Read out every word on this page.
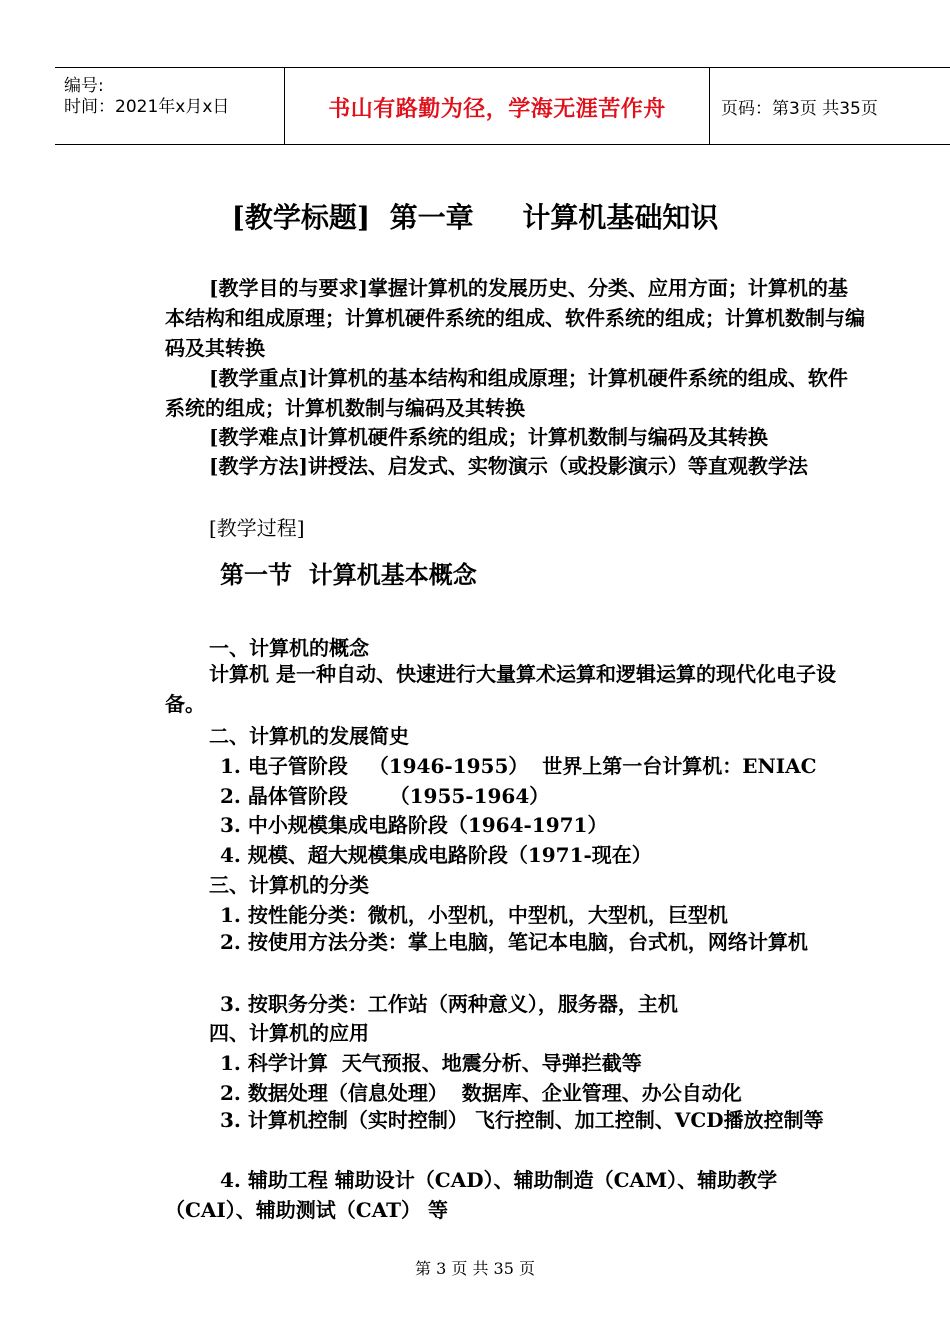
编号:
时间：2021年x月x日	书山有路勤为径，学海无涯苦作舟	页码：第3页 共35页
[教学标题]  第一章     计算机基础知识
[教学目的与要求]掌握计算机的发展历史、分类、应用方面；计算机的基本结构和组成原理；计算机硬件系统的组成、软件系统的组成；计算机数制与编码及其转换
[教学重点]计算机的基本结构和组成原理；计算机硬件系统的组成、软件系统的组成；计算机数制与编码及其转换
[教学难点]计算机硬件系统的组成；计算机数制与编码及其转换
[教学方法]讲授法、启发式、实物演示（或投影演示）等直观教学法
[教学过程]
第一节  计算机基本概念
一、计算机的概念
计算机 是一种自动、快速进行大量算术运算和逻辑运算的现代化电子设备。
二、计算机的发展简史
1. 电子管阶段   （1946-1955）  世界上第一台计算机：ENIAC
2. 晶体管阶段      （1955-1964）
3. 中小规模集成电路阶段（1964-1971）
4. 规模、超大规模集成电路阶段（1971-现在）
三、计算机的分类
1. 按性能分类：微机，小型机，中型机，大型机，巨型机
2. 按使用方法分类：掌上电脑，笔记本电脑，台式机，网络计算机
3. 按职务分类：工作站（两种意义），服务器，主机
四、计算机的应用
1. 科学计算  天气预报、地震分析、导弹拦截等
2. 数据处理（信息处理）  数据库、企业管理、办公自动化
3. 计算机控制（实时控制） 飞行控制、加工控制、VCD播放控制等
4. 辅助工程 辅助设计（CAD）、辅助制造（CAM）、辅助教学（CAI）、辅助测试（CAT） 等
第 3 页 共 35 页
